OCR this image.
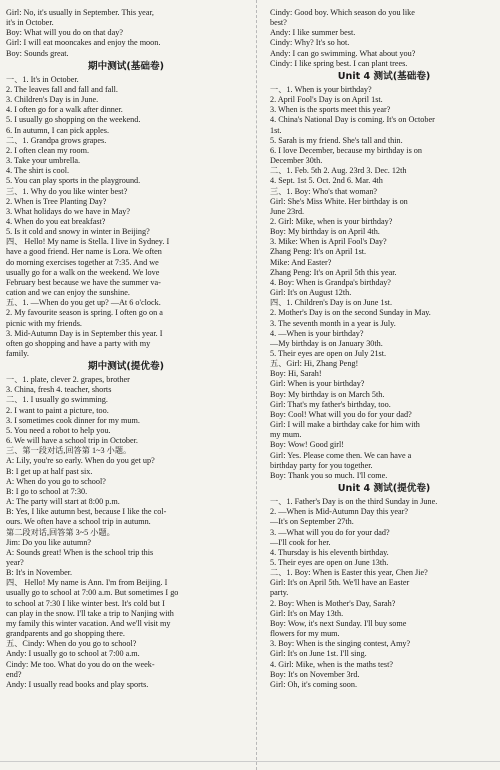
Girl: No, it's usually in September. This year,
it's in October.
Boy: What will you do on that day?
Girl: I will eat mooncakes and enjoy the moon.
Boy: Sounds great.
期中测试(基础卷)
一、1. It's in October.
2. The leaves fall and fall and fall.
3. Children's Day is in June.
4. I often go for a walk after dinner.
5. I usually go shopping on the weekend.
6. In autumn, I can pick apples.
二、1. Grandpa grows grapes.
2. I often clean my room.
3. Take your umbrella.
4. The shirt is cool.
5. You can play sports in the playground.
三、1. Why do you like winter best?
2. When is Tree Planting Day?
3. What holidays do we have in May?
4. When do you eat breakfast?
5. Is it cold and snowy in winter in Beijing?
四、 Hello! My name is Stella. I live in Sydney. I
have a good friend. Her name is Lora. We often
do morning exercises together at 7:35. And we
usually go for a walk on the weekend. We love
February best because we have the summer va-
cation and we can enjoy the sunshine.
五、1. —When do you get up? —At 6 o'clock.
2. My favourite season is spring. I often go on a
picnic with my friends.
3. Mid-Autumn Day is in September this year. I
often go shopping and have a party with my
family.
期中测试(提优卷)
一、1. plate, clever 2. grapes, brother
3. China, fresh 4. teacher, shorts
二、1. I usually go swimming.
2. I want to paint a picture, too.
3. I sometimes cook dinner for my mum.
5. You need a robot to help you.
6. We will have a school trip in October.
三、第一段对话,回答第 1~3 小题。
A: Lily, you're so early. When do you get up?
B: I get up at half past six.
A: When do you go to school?
B: I go to school at 7:30.
A: The party will start at 8:00 p.m.
B: Yes, I like autumn best, because I like the col-
ours. We often have a school trip in autumn.
第二段对话,回答第 3~5 小题。
Jim: Do you like autumn?
A: Sounds great! When is the school trip this
year?
B: It's in November.
四、 Hello! My name is Ann. I'm from Beijing. I
usually go to school at 7:00 a.m. But sometimes I go
to school at 7:30 I like winter best. It's cold but I
can play in the snow. I'll take a trip to Nanjing with
my family this winter vacation. And we'll visit my
grandparents and go shopping there.
五、Cindy: When do you go to school?
Andy: I usually go to school at 7:00 a.m.
Cindy: Me too. What do you do on the week-
end?
Andy: I usually read books and play sports.
Cindy: Good boy. Which season do you like
best?
Andy: I like summer best.
Cindy: Why? It's so hot.
Andy: I can go swimming. What about you?
Cindy: I like spring best. I can plant trees.
Unit 4 测试(基础卷)
一、1. When is your birthday?
2. April Fool's Day is on April 1st.
3. When is the sports meet this year?
4. China's National Day is coming. It's on October
1st.
5. Sarah is my friend. She's tall and thin.
6. I love December, because my birthday is on
December 30th.
二、1. Feb. 5th 2. Aug. 23rd 3. Dec. 12th
4. Sept. 1st 5. Oct. 2nd 6. Mar. 4th
三、1. Boy: Who's that woman?
Girl: She's Miss White. Her birthday is on
June 23rd.
2. Girl: Mike, when is your birthday?
Boy: My birthday is on April 4th.
3. Mike: When is April Fool's Day?
Zhang Peng: It's on April 1st.
Mike: And Easter?
Zhang Peng: It's on April 5th this year.
4. Boy: When is Grandpa's birthday?
Girl: It's on August 12th.
四、1. Children's Day is on June 1st.
2. Mother's Day is on the second Sunday in May.
3. The seventh month in a year is July.
4. —When is your birthday?
—My birthday is on January 30th.
5. Their eyes are open on July 21st.
五、Girl: Hi, Zhang Peng!
Boy: Hi, Sarah!
Girl: When is your birthday?
Boy: My birthday is on March 5th.
Girl: That's my father's birthday, too.
Boy: Cool! What will you do for your dad?
Girl: I will make a birthday cake for him with
my mum.
Boy: Wow! Good girl!
Girl: Yes. Please come then. We can have a
birthday party for you together.
Boy: Thank you so much. I'll come.
Unit 4 测试(提优卷)
一、1. Father's Day is on the third Sunday in June.
2. —When is Mid-Autumn Day this year?
—It's on September 27th.
3. —What will you do for your dad?
—I'll cook for her.
4. Thursday is his eleventh birthday.
5. Their eyes are open on June 13th.
二、1. Boy: When is Easter this year, Chen Jie?
Girl: It's on April 5th. We'll have an Easter
party.
2. Boy: When is Mother's Day, Sarah?
Girl: It's on May 13th.
Boy: Wow, it's next Sunday. I'll buy some
flowers for my mum.
3. Boy: When is the singing contest, Amy?
Girl: It's on June 1st. I'll sing.
4. Girl: Mike, when is the maths test?
Boy: It's on November 3rd.
Girl: Oh, it's coming soon.
